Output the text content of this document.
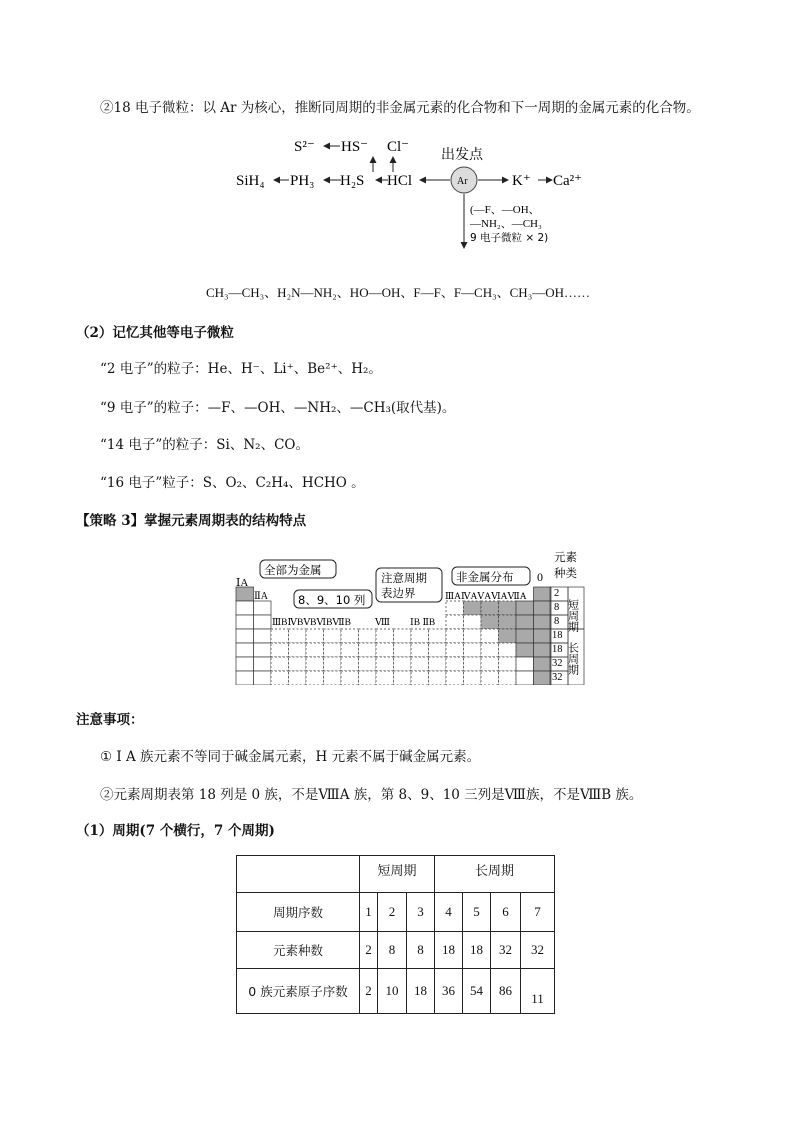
②18 电子微粒：以 Ar 为核心，推断同周期的非金属元素的化合物和下一周期的金属元素的化合物。
S²⁻ HS⁻ Cl⁻ 出发点
SiH₄ PH₃ H₂S HCl	Ar	K⁺ Ca²⁺
(—F、—OH、
—NH₂、—CH₃
9 电子微粒 × 2)
CH₃—CH₃、H₂N—NH₂、HO—OH、F—F、F—CH₃、CH₃—OH……
（2）记忆其他等电子微粒
“2 电子”的粒子：He、H⁻、Li⁺、Be²⁺、H₂。
“9 电子”的粒子：—F、—OH、—NH₂、—CH₃(取代基)。
“14 电子”的粒子：Si、N₂、CO。
“16 电子”粒子：S、O₂、C₂H₄、HCHO 。
【策略 3】掌握元素周期表的结构特点
ⅠA
ⅡA
ⅢBⅣBⅤBⅥBⅦB	Ⅷ ⅠB ⅡB
ⅢAⅣAⅤAⅥAⅦA
0
元素
种类
全部为金属
8、9、10 列
注意周期
表边界
非金属分布
2
8
8
18
18
32
32
短周期
长周期
注意事项：
① Ⅰ A 族元素不等同于碱金属元素，H 元素不属于碱金属元素。
②元素周期表第 18 列是 0 族，不是ⅧA 族，第 8、9、10 三列是Ⅷ族，不是ⅧB 族。
（1）周期(7 个横行，7 个周期)
	短周期			长周期			
周期序数	1	2	3	4	5	6	7
元素种数	2	8	8	18	18	32	32
0 族元素原子序数	2	10	18	36	54	86	11
